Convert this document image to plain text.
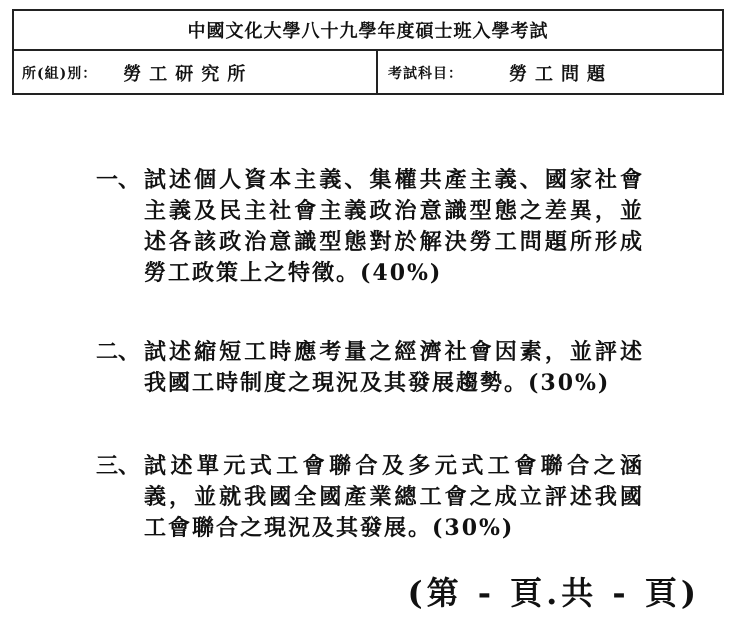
中國文化大學八十九學年度碩士班入學考試
所(組)別： 勞工研究所	考試科目：	勞工問題
一、 試述個人資本主義、集權共產主義、國家社會主義及民主社會主義政治意識型態之差異，並述各該政治意識型態對於解決勞工問題所形成勞工政策上之特徵。(40%)
二、 試述縮短工時應考量之經濟社會因素，並評述我國工時制度之現況及其發展趨勢。(30%)
三、 試述單元式工會聯合及多元式工會聯合之涵義，並就我國全國產業總工會之成立評述我國工會聯合之現況及其發展。(30%)
(第 - 頁.共 - 頁)
